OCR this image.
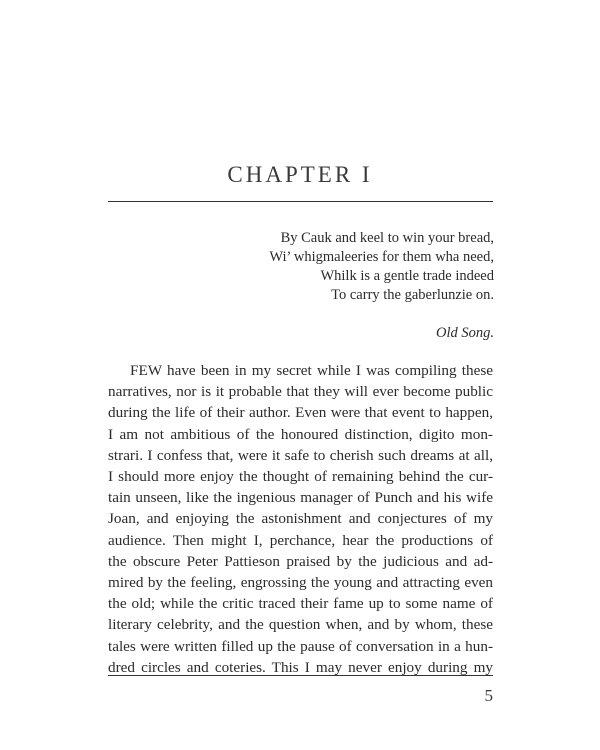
CHAPTER I
By Cauk and keel to win your bread,
Wi’ whigmaleeries for them wha need,
Whilk is a gentle trade indeed
To carry the gaberlunzie on.
Old Song.
FEW have been in my secret while I was compiling these
narratives, nor is it probable that they will ever become public
during the life of their author. Even were that event to happen,
I am not ambitious of the honoured distinction, digito mon-
strari. I confess that, were it safe to cherish such dreams at all,
I should more enjoy the thought of remaining behind the cur-
tain unseen, like the ingenious manager of Punch and his wife
Joan, and enjoying the astonishment and conjectures of my
audience. Then might I, perchance, hear the productions of
the obscure Peter Pattieson praised by the judicious and ad-
mired by the feeling, engrossing the young and attracting even
the old; while the critic traced their fame up to some name of
literary celebrity, and the question when, and by whom, these
tales were written filled up the pause of conversation in a hun-
dred circles and coteries. This I may never enjoy during my
5
